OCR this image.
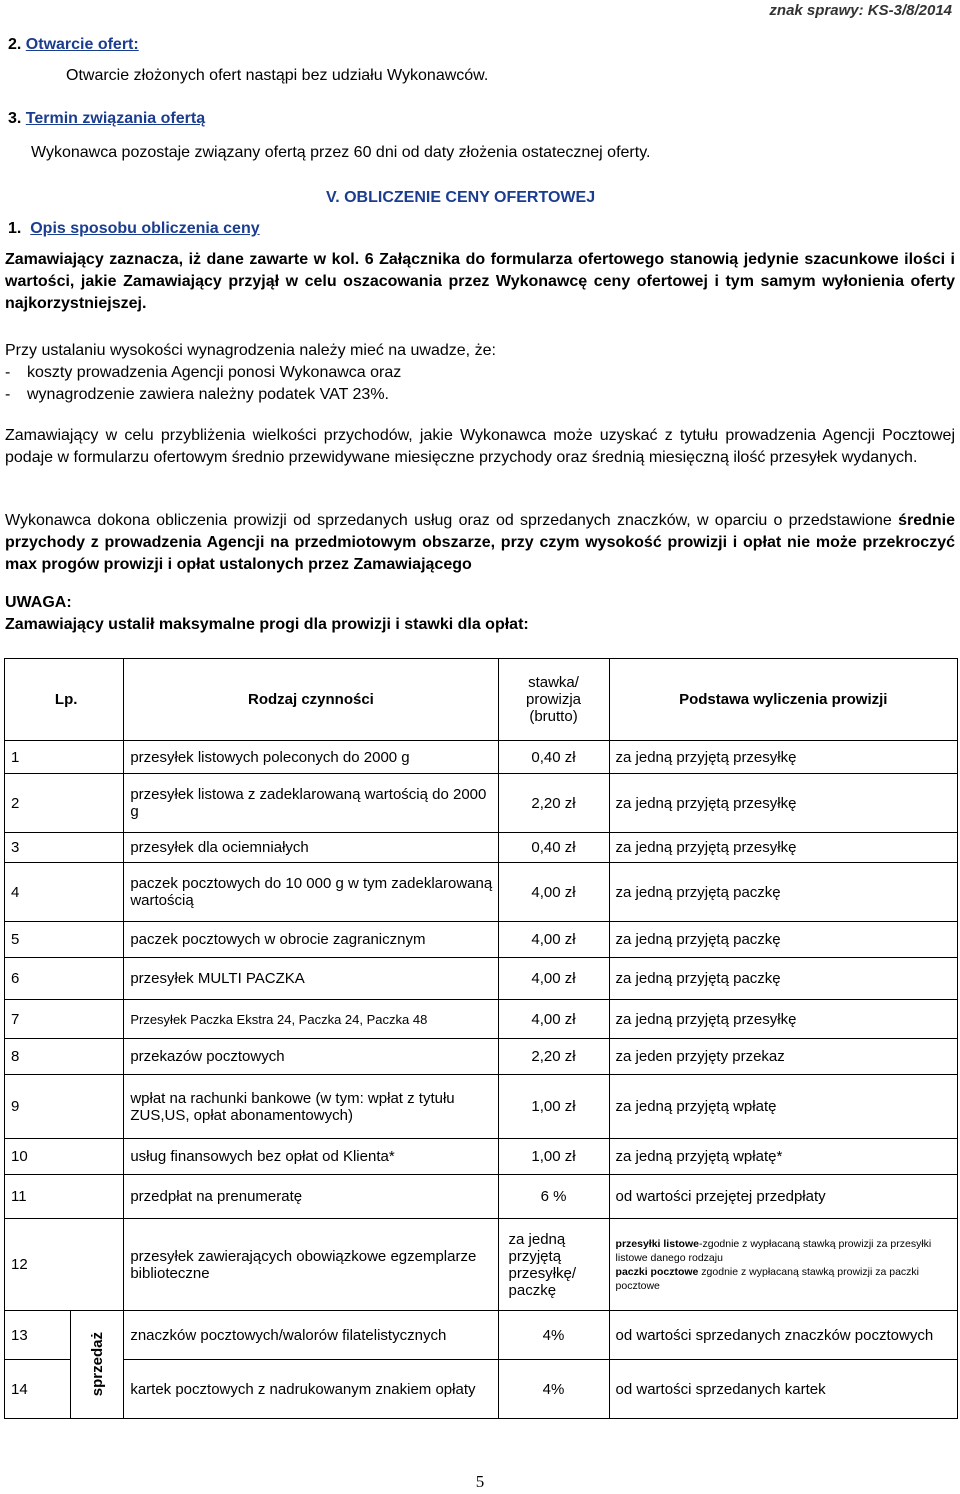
znak sprawy: KS-3/8/2014
2. Otwarcie ofert:
Otwarcie złożonych ofert nastąpi bez udziału Wykonawców.
3. Termin związania ofertą
Wykonawca pozostaje związany ofertą przez 60 dni od daty złożenia ostatecznej oferty.
V. OBLICZENIE CENY OFERTOWEJ
1. Opis sposobu obliczenia ceny
Zamawiający zaznacza, iż dane zawarte w kol. 6 Załącznika do formularza ofertowego stanowią jedynie szacunkowe ilości i wartości, jakie Zamawiający przyjął w celu oszacowania przez Wykonawcę ceny ofertowej i tym samym wyłonienia oferty najkorzystniejszej.

Przy ustalaniu wysokości wynagrodzenia należy mieć na uwadze, że:

-	koszty prowadzenia Agencji ponosi Wykonawca oraz
-	wynagrodzenie zawiera należny podatek VAT 23%.
Zamawiający w celu przybliżenia wielkości przychodów, jakie Wykonawca może uzyskać z tytułu prowadzenia Agencji Pocztowej podaje w formularzu ofertowym średnio przewidywane miesięczne przychody oraz średnią miesięczną ilość przesyłek wydanych.
Wykonawca dokona obliczenia prowizji od sprzedanych usług oraz od sprzedanych znaczków, w oparciu o przedstawione średnie przychody z prowadzenia Agencji na przedmiotowym obszarze, przy czym wysokość prowizji i opłat nie może przekroczyć max progów prowizji i opłat ustalonych przez Zamawiającego
UWAGA:
Zamawiający ustalił maksymalne progi dla prowizji i stawki dla opłat:
Lp.		Rodzaj czynności	stawka/ prowizja (brutto)	Podstawa wyliczenia prowizji
1		przesyłek listowych poleconych do 2000 g	0,40 zł	za jedną przyjętą przesyłkę
2		przesyłek listowa z zadeklarowaną wartością do 2000 g	2,20 zł	za jedną przyjętą przesyłkę
3		przesyłek dla ociemniałych	0,40 zł	za jedną przyjętą przesyłkę
4		paczek pocztowych do 10 000 g w tym zadeklarowaną wartością	4,00 zł	za jedną przyjętą paczkę
5		paczek pocztowych w obrocie zagranicznym	4,00 zł	za jedną przyjętą paczkę
6		przesyłek MULTI PACZKA	4,00 zł	za jedną przyjętą paczkę
7		Przesyłek Paczka Ekstra 24, Paczka 24, Paczka 48	4,00 zł	za jedną przyjętą przesyłkę
8		przekazów pocztowych	2,20 zł	za jeden przyjęty przekaz
9		wpłat na rachunki bankowe (w tym: wpłat z tytułu ZUS,US, opłat abonamentowych)	1,00 zł	za jedną przyjętą wpłatę
10		usług finansowych bez opłat od Klienta*	1,00 zł	za jedną przyjętą wpłatę*
11		przedpłat na prenumeratę	6 %	od wartości przejętej przedpłaty
12		przesyłek zawierających obowiązkowe egzemplarze biblioteczne	za jedną przyjętą przesyłkę/ paczkę	przesyłki listowe-zgodnie z wypłacaną stawką prowizji za przesyłki listowe danego rodzaju
paczki pocztowe zgodnie z wypłacaną stawką prowizji za paczki pocztowe
13	sprzedaż	znaczków pocztowych/walorów filatelistycznych	4%	od wartości sprzedanych znaczków pocztowych
14		kartek pocztowych z nadrukowanym znakiem opłaty	4%	od wartości sprzedanych kartek
5
